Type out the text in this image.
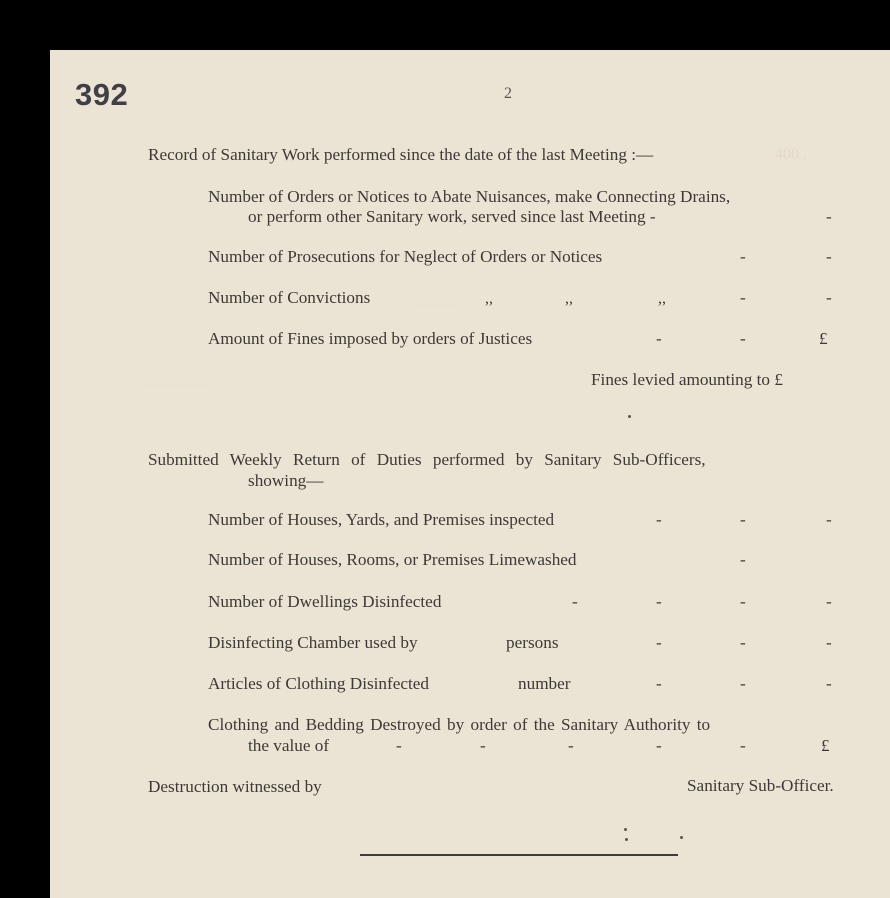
400 .
. . . . .
. . . . . . . .
392	2
Record of Sanitary Work performed since the date of the last Meeting :—
Number of Orders or Notices to Abate Nuisances, make Connecting Drains,
or perform other Sanitary work, served since last Meeting -	-
Number of Prosecutions for Neglect of Orders or Notices	-	-
Number of Convictions	,,	,,	,,	-	-
Amount of Fines imposed by orders of Justices	-	-	£
Fines levied amounting to £
Submitted Weekly Return of Duties performed by Sanitary Sub-Officers,
showing—
Number of Houses, Yards, and Premises inspected	-	-	-
Number of Houses, Rooms, or Premises Limewashed	-
Number of Dwellings Disinfected	-	-	-	-
Disinfecting Chamber used by	persons	-	-	-
Articles of Clothing Disinfected	number	-	-	-
Clothing and Bedding Destroyed by order of the Sanitary Authority to
the value of	-	-	-	-	-	£
Destruction witnessed by	Sanitary Sub-Officer.
